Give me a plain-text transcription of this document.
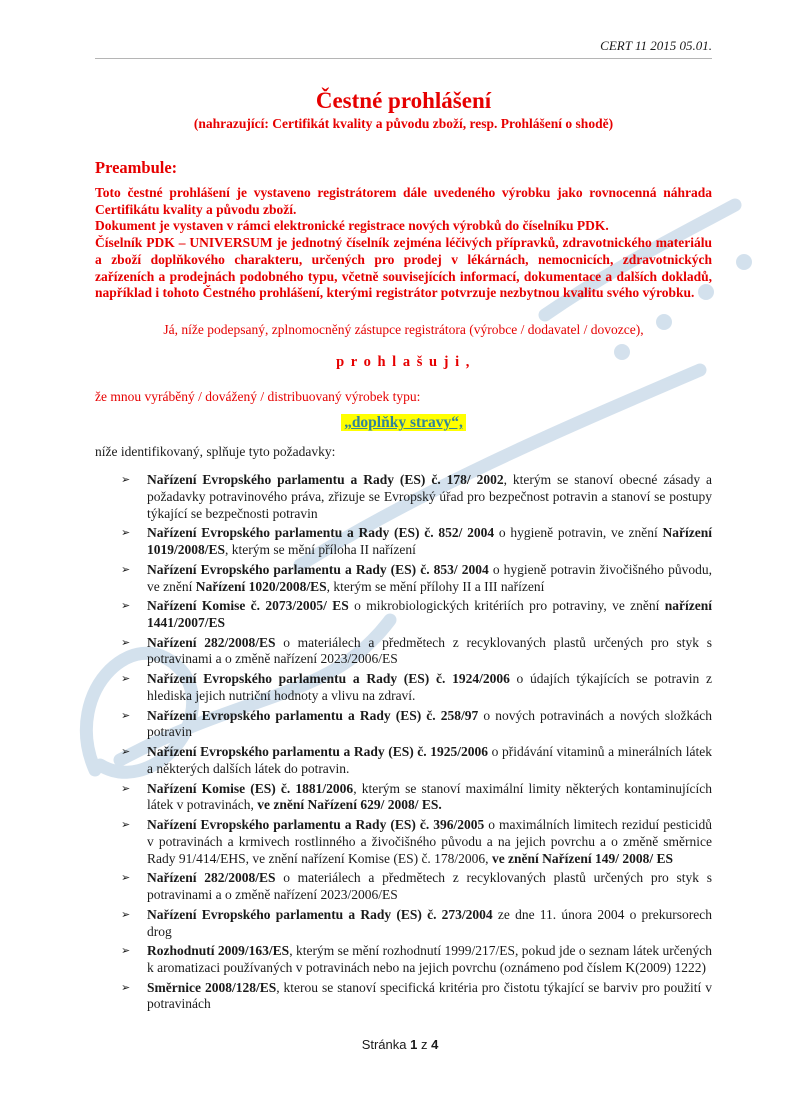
CERT 11 2015 05.01.
Čestné prohlášení
(nahrazující: Certifikát kvality a původu zboží, resp. Prohlášení o shodě)
Preambule:

Toto čestné prohlášení je vystaveno registrátorem dále uvedeného výrobku jako rovnocenná náhrada Certifikátu kvality a původu zboží.

Dokument je vystaven v rámci elektronické registrace nových výrobků do číselníku PDK.

Číselník PDK – UNIVERSUM je jednotný číselník zejména léčivých přípravků, zdravotnického materiálu a zboží doplňkového charakteru, určených pro prodej v lékárnách, nemocnicích, zdravotnických zařízeních a prodejnách podobného typu, včetně souvisejících informací, dokumentace a dalších dokladů, například i tohoto Čestného prohlášení, kterými registrátor potvrzuje nezbytnou kvalitu svého výrobku.

Já, níže podepsaný, zplnomocněný zástupce registrátora (výrobce / dodavatel / dovozce),

p r o h l a š u j i ,

že mnou vyráběný / dovážený / distribuovaný výrobek typu:

„doplňky stravy“,

níže identifikovaný, splňuje tyto požadavky:

➢ Nařízení Evropského parlamentu a Rady (ES) č. 178/ 2002, kterým se stanoví obecné zásady a požadavky potravinového práva, zřizuje se Evropský úřad pro bezpečnost potravin a stanoví se postupy týkající se bezpečnosti potravin
➢ Nařízení Evropského parlamentu a Rady (ES) č. 852/ 2004 o hygieně potravin, ve znění Nařízení 1019/2008/ES, kterým se mění příloha II nařízení
➢ Nařízení Evropského parlamentu a Rady (ES) č. 853/ 2004 o hygieně potravin živočišného původu, ve znění Nařízení 1020/2008/ES, kterým se mění přílohy II a III nařízení
➢ Nařízení Komise č. 2073/2005/ ES o mikrobiologických kritériích pro potraviny, ve znění nařízení 1441/2007/ES
➢ Nařízení 282/2008/ES o materiálech a předmětech z recyklovaných plastů určených pro styk s potravinami a o změně nařízení 2023/2006/ES
➢ Nařízení Evropského parlamentu a Rady (ES) č. 1924/2006 o údajích týkajících se potravin z hlediska jejich nutriční hodnoty a vlivu na zdraví.
➢ Nařízení Evropského parlamentu a Rady (ES) č. 258/97 o nových potravinách a nových složkách potravin
➢ Nařízení Evropského parlamentu a Rady (ES) č. 1925/2006 o přidávání vitaminů a minerálních látek a některých dalších látek do potravin.
➢ Nařízení Komise (ES) č. 1881/2006, kterým se stanoví maximální limity některých kontaminujících látek v potravinách, ve znění Nařízení 629/ 2008/ ES.
➢ Nařízení Evropského parlamentu a Rady (ES) č. 396/2005 o maximálních limitech reziduí pesticidů v potravinách a krmivech rostlinného a živočišného původu a na jejich povrchu a o změně směrnice Rady 91/414/EHS, ve znění nařízení Komise (ES) č. 178/2006, ve znění Nařízení 149/ 2008/ ES
➢ Nařízení 282/2008/ES o materiálech a předmětech z recyklovaných plastů určených pro styk s potravinami a o změně nařízení 2023/2006/ES
➢ Nařízení Evropského parlamentu a Rady (ES) č. 273/2004 ze dne 11. února 2004 o prekursorech drog
➢ Rozhodnutí 2009/163/ES, kterým se mění rozhodnutí 1999/217/ES, pokud jde o seznam látek určených k aromatizaci používaných v potravinách nebo na jejich povrchu (oznámeno pod číslem K(2009) 1222)
➢ Směrnice 2008/128/ES, kterou se stanoví specifická kritéria pro čistotu týkající se barviv pro použití v potravinách
Stránka 1 z 4
